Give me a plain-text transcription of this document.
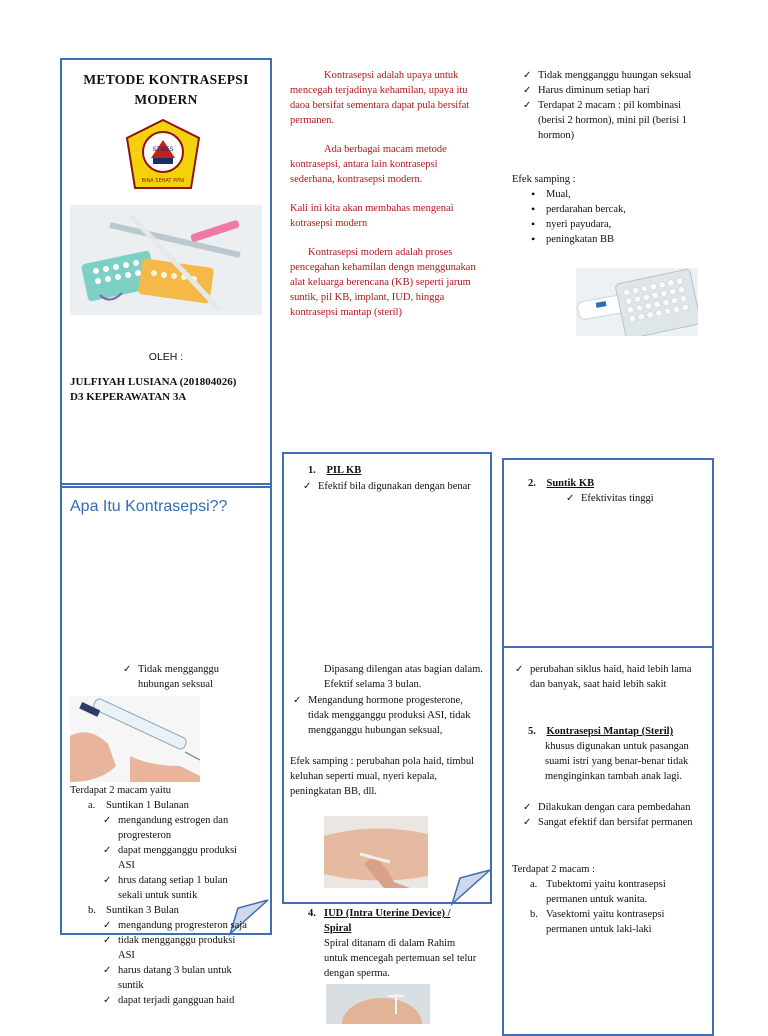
METODE KONTRASEPSI MODERN
STIKES
BINA SEHAT PPNI
OLEH :
JULFIYAH LUSIANA (201804026)
D3 KEPERAWATAN 3A
Kontrasepsi adalah upaya untuk mencegah terjadinya kehamilan, upaya itu daoa bersifat sementara dapat pula bersifat permanen.
Ada berbagai macam metode kontrasepsi, antara lain kontrasepsi sederhana, kontrasepsi modern.
Kali ini kita akan membahas mengenai kotrasepsi modern
Kontrasepsi modern adalah proses pencegahan kehamilan dengn menggunakan alat keluarga berencana (KB) seperti jarum suntik, pil KB, implant, IUD, hingga kontrasepsi mantap (steril)
✓ Tidak mengganggu huungan seksual
✓ Harus diminum setiap hari
✓ Terdapat 2 macam : pil kombinasi (berisi 2 hormon), mini pil (berisi 1 hormon)
Efek samping :
• Mual,
• perdarahan bercak,
• nyeri payudara,
• peningkatan BB
Apa Itu Kontrasepsi??
✓ Tidak mengganggu hubungan seksual
Terdapat 2 macam yaitu
a. Suntikan 1 Bulanan
✓ mengandung estrogen dan progresteron
✓ dapat mengganggu produksi ASI
✓ hrus datang setiap 1 bulan sekali untuk suntik
b. Suntikan 3 Bulan
✓ mengandung progresteron saja
✓ tidak mengganggu produksi ASI
✓ harus datang 3 bulan untuk suntik
✓ dapat terjadi gangguan haid
1. PIL KB
✓ Efektif bila digunakan dengan benar
Dipasang dilengan atas bagian dalam. Efektif selama 3 bulan.
✓ Mengandung hormone progesterone, tidak mengganggu produksi ASI, tidak mengganggu hubungan seksual,
Efek samping : perubahan pola haid, timbul keluhan seperti mual, nyeri kepala, peningkatan BB, dll.
4. IUD (Intra Uterine Device) / Spiral
Spiral ditanam di dalam Rahim untuk mencegah pertemuan sel telur dengan sperma.
2. Suntik KB
✓ Efektivitas tinggi
✓ perubahan siklus haid, haid lebih lama dan banyak, saat haid lebih sakit
5. Kontrasepsi Mantap (Steril)
khusus digunakan untuk pasangan suami istri yang benar-benar tidak menginginkan tambah anak lagi.
✓ Dilakukan dengan cara pembedahan
✓ Sangat efektif dan bersifat permanen
Terdapat 2 macam :
a. Tubektomi yaitu kontrasepsi permanen untuk wanita.
b. Vasektomi yaitu kontrasepsi permanen untuk laki-laki
